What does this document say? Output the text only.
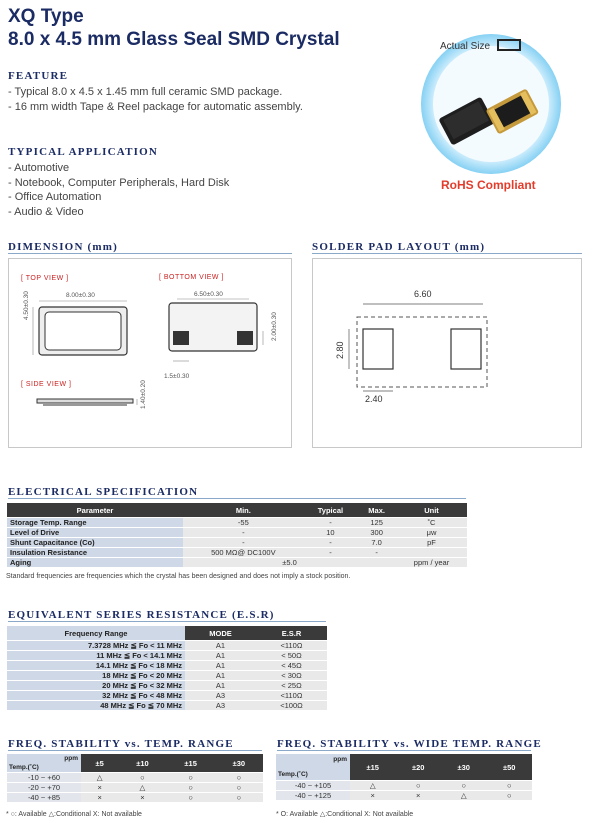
XQ Type
8.0 x 4.5 mm Glass Seal SMD Crystal	Actual Size
RoHS Compliant
FEATURE
- Typical 8.0 x 4.5 x 1.45 mm full ceramic SMD package.
- 16 mm width Tape & Reel package for automatic assembly.
TYPICAL APPLICATION
- Automotive
- Notebook, Computer Peripherals, Hard Disk
- Office Automation
- Audio & Video
DIMENSION (mm)	SOLDER PAD LAYOUT (mm)
[ TOP VIEW ]	[ BOTTOM VIEW ]
[ SIDE VIEW ]
8.00±0.30
4.50±0.30	6.50±0.30
2.00±0.30
1.5±0.30
1.40±0.20
6.60
2.80
2.40
ELECTRICAL SPECIFICATION
Parameter	Min.	Typical	Max.	Unit
Storage Temp. Range	-55	-	125	˚C
Level of Drive	-	10	300	μw
Shunt Capacitance (Co)	-	-	7.0	pF
Insulation Resistance	500 MΩ@ DC100V	-	-	
Aging	±5.0			ppm / year
Standard frequencies are frequencies which the crystal has been designed and does not imply a stock position.
EQUIVALENT SERIES RESISTANCE (E.S.R)
Frequency Range	MODE	E.S.R
7.3728 MHz ≦ Fo < 11 MHz	A1	<110Ω
11 MHz ≦ Fo < 14.1 MHz	A1	< 50Ω
14.1 MHz ≦ Fo < 18 MHz	A1	< 45Ω
18 MHz ≦ Fo < 20 MHz	A1	< 30Ω
20 MHz ≦ Fo < 32 MHz	A1	< 25Ω
32 MHz ≦ Fo < 48 MHz	A3	<110Ω
48 MHz ≦ Fo ≦ 70 MHz	A3	<100Ω
FREQ. STABILITY vs. TEMP. RANGE
ppm
Temp.(˚C)	±5	±10	±15	±30
-10 ~ +60	△	○	○	○
-20 ~ +70	×	△	○	○
-40 ~ +85	×	×	○	○
* ○: Available △:Conditional X: Not available
FREQ. STABILITY vs. WIDE TEMP. RANGE
ppm
Temp.(˚C)	±15	±20	±30	±50
-40 ~ +105	△	○	○	○
-40 ~ +125	×	×	△	○
* O: Available △:Conditional X: Not available
